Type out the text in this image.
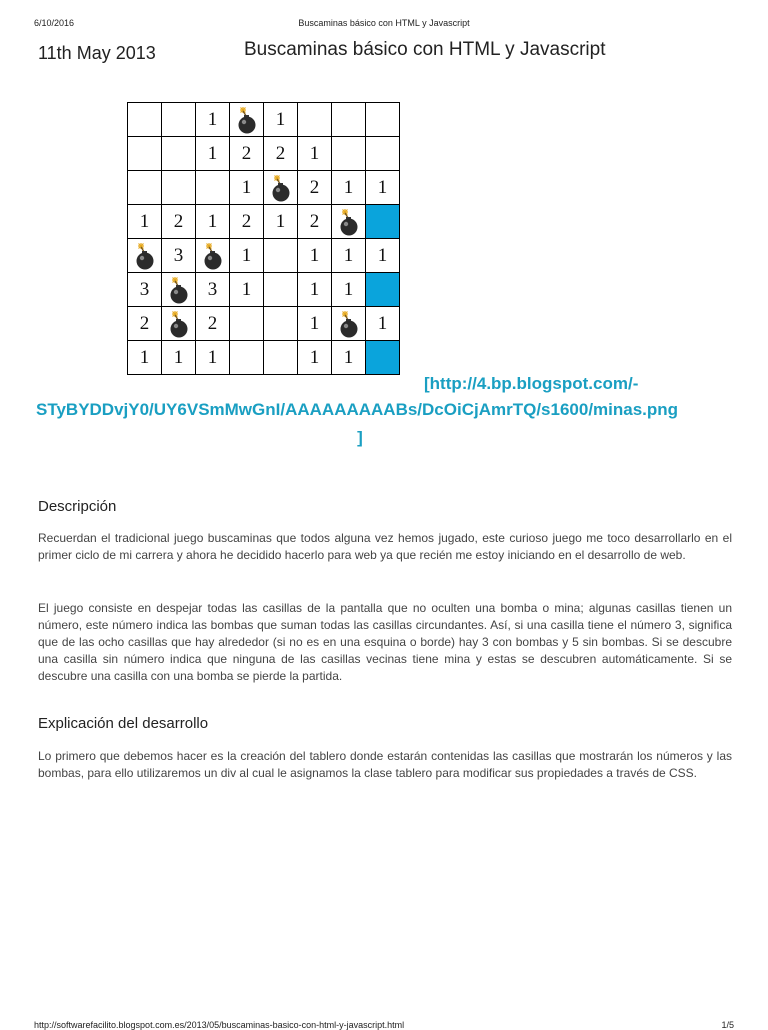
6/10/2016	Buscaminas básico con HTML y Javascript
11th May 2013	Buscaminas básico con HTML y Javascript
		1		1			
		1	2	2	1		
			1		2	1	1
1	2	1	2	1	2		
	3		1		1	1	1
3		3	1		1	1	
2		2			1		1
1	1	1			1	1	
[http://4.bp.blogspot.com/-
STyBYDDvjY0/UY6VSmMwGnI/AAAAAAAAABs/DcOiCjAmrTQ/s1600/minas.png
]
Descripción

Recuerdan el tradicional juego buscaminas que todos alguna vez hemos jugado, este curioso juego me toco desarrollarlo en el primer ciclo de mi carrera y ahora he decidido hacerlo para web ya que recién me estoy iniciando en el desarrollo de web.

El juego consiste en despejar todas las casillas de la pantalla que no oculten una bomba o mina; algunas casillas tienen un número, este número indica las bombas que suman todas las casillas circundantes. Así, si una casilla tiene el número 3, significa que de las ocho casillas que hay alrededor (si no es en una esquina o borde) hay 3 con bombas y 5 sin bombas. Si se descubre una casilla sin número indica que ninguna de las casillas vecinas tiene mina y estas se descubren automáticamente. Si se descubre una casilla con una bomba se pierde la partida.

Explicación del desarrollo

Lo primero que debemos hacer es la creación del tablero donde estarán contenidas las casillas que mostrarán los números y las bombas, para ello utilizaremos un div al cual le asignamos la clase tablero para modificar sus propiedades a través de CSS.

http://softwarefacilito.blogspot.com.es/2013/05/buscaminas-basico-con-html-y-javascript.html	1/5
